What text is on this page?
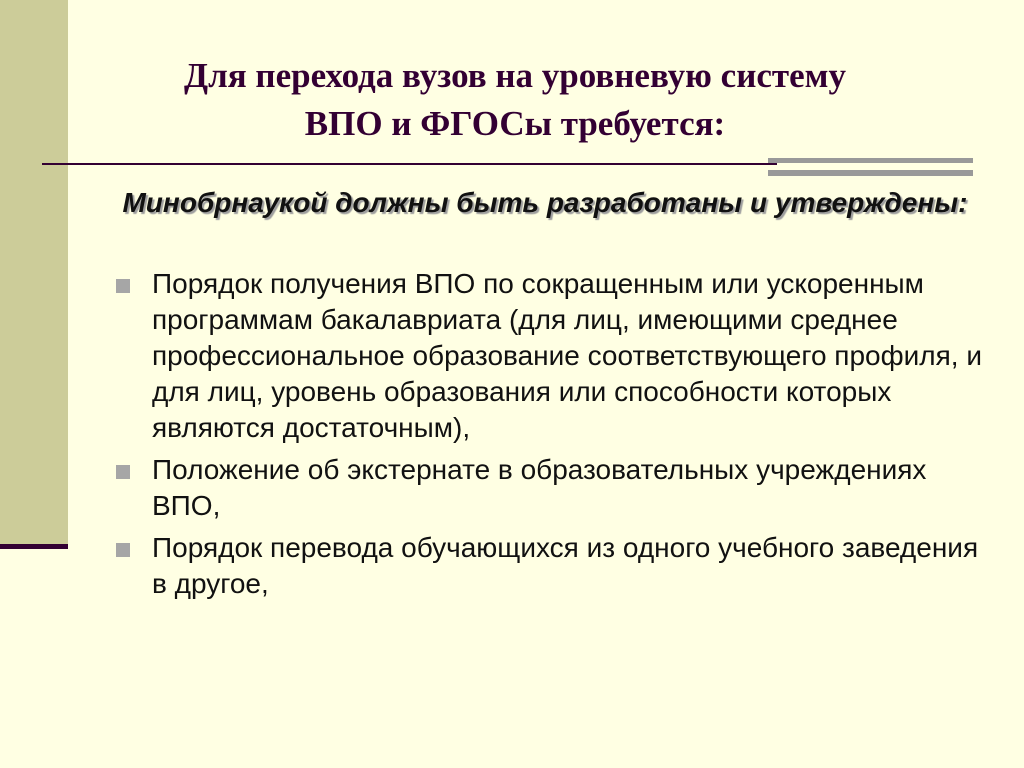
Для перехода вузов на уровневую систему
ВПО и ФГОСы требуется:

Минобрнаукой должны быть разработаны и утверждены:

Порядок получения ВПО по сокращенным или ускоренным программам бакалавриата (для лиц, имеющими среднее профессиональное образование соответствующего профиля, и для лиц, уровень образования или способности которых являются достаточным),
Положение об экстернате в образовательных учреждениях ВПО,
Порядок перевода обучающихся из одного учебного заведения в другое,
